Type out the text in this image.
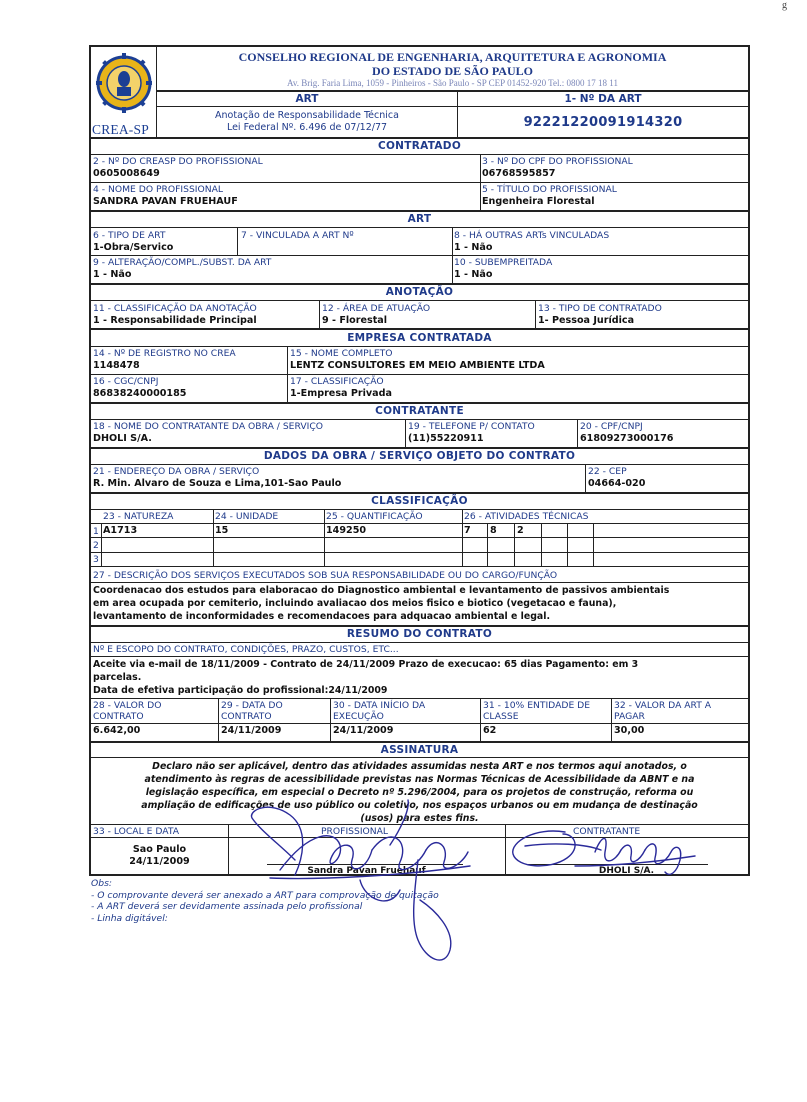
g
CREA-SP
CONSELHO REGIONAL DE ENGENHARIA, ARQUITETURA E AGRONOMIA
DO ESTADO DE SÃO PAULO
Av. Brig. Faria Lima, 1059 - Pinheiros - São Paulo - SP CEP 01452-920 Tel.: 0800 17 18 11
ART	1- Nº DA ART
Anotação de Responsabilidade Técnica
Lei Federal Nº. 6.496 de 07/12/77	92221220091914320
CONTRATADO
2 - Nº DO CREASP DO PROFISSIONAL
0605008649
3 - Nº DO CPF DO PROFISSIONAL
06768595857
4 - NOME DO PROFISSIONAL
SANDRA PAVAN FRUEHAUF
5 - TÍTULO DO PROFISSIONAL
Engenheira Florestal
ART
6 - TIPO DE ART
1-Obra/Servico
7 - VINCULADA A ART Nº	8 - HÁ OUTRAS ARTs VINCULADAS
1 - Não
9 - ALTERAÇÃO/COMPL./SUBST. DA ART
1 - Não
10 - SUBEMPREITADA
1 - Não
ANOTAÇÃO
11 - CLASSIFICAÇÃO DA ANOTAÇÃO
1 - Responsabilidade Principal
12 - ÁREA DE ATUAÇÃO
9 - Florestal
13 - TIPO DE CONTRATADO
1- Pessoa Jurídica
EMPRESA CONTRATADA
14 - Nº DE REGISTRO NO CREA
1148478
15 - NOME COMPLETO
LENTZ CONSULTORES EM MEIO AMBIENTE LTDA
16 - CGC/CNPJ
86838240000185
17 - CLASSIFICAÇÃO
1-Empresa Privada
CONTRATANTE
18 - NOME DO CONTRATANTE DA OBRA / SERVIÇO
DHOLI S/A.
19 - TELEFONE P/ CONTATO
(11)55220911
20 - CPF/CNPJ
61809273000176
DADOS DA OBRA / SERVIÇO OBJETO DO CONTRATO
21 - ENDEREÇO DA OBRA / SERVIÇO
R. Min. Alvaro de Souza e Lima,101-Sao Paulo
22 - CEP
04664-020
CLASSIFICAÇÃO
23 - NATUREZA	24 - UNIDADE	25 - QUANTIFICAÇÃO	26 - ATIVIDADES TÉCNICAS
1 A1713	15	149250	7 8 2
2
3
27 - DESCRIÇÃO DOS SERVIÇOS EXECUTADOS SOB SUA RESPONSABILIDADE OU DO CARGO/FUNÇÃO
Coordenacao dos estudos para elaboracao do Diagnostico ambiental e levantamento de passivos ambientais
em area ocupada por cemiterio, incluindo avaliacao dos meios fisico e biotico (vegetacao e fauna),
levantamento de inconformidades e recomendacoes para adquacao ambiental e legal.
RESUMO DO CONTRATO
Nº E ESCOPO DO CONTRATO, CONDIÇÕES, PRAZO, CUSTOS, ETC...
Aceite via e-mail de 18/11/2009 - Contrato de 24/11/2009 Prazo de execucao: 65 dias Pagamento: em 3
parcelas.
Data de efetiva participação do profissional:24/11/2009
28 - VALOR DO
CONTRATO
29 - DATA DO
CONTRATO
30 - DATA INÍCIO DA
EXECUÇÃO
31 - 10% ENTIDADE DE
CLASSE
32 - VALOR DA ART A
PAGAR
6.642,00	24/11/2009	24/11/2009	62	30,00
ASSINATURA
Declaro não ser aplicável, dentro das atividades assumidas nesta ART e nos termos aqui anotados, o
atendimento às regras de acessibilidade previstas nas Normas Técnicas de Acessibilidade da ABNT e na
legislação específica, em especial o Decreto nº 5.296/2004, para os projetos de construção, reforma ou
ampliação de edificações de uso público ou coletivo, nos espaços urbanos ou em mudança de destinação
(usos) para estes fins.
33 - LOCAL E DATA	PROFISSIONAL	CONTRATANTE
Sao Paulo
24/11/2009
Sandra Pavan Fruehauf	DHOLI S/A.
Obs:
- O comprovante deverá ser anexado a ART para comprovação de quitação
- A ART deverá ser devidamente assinada pelo profissional
- Linha digitável:
